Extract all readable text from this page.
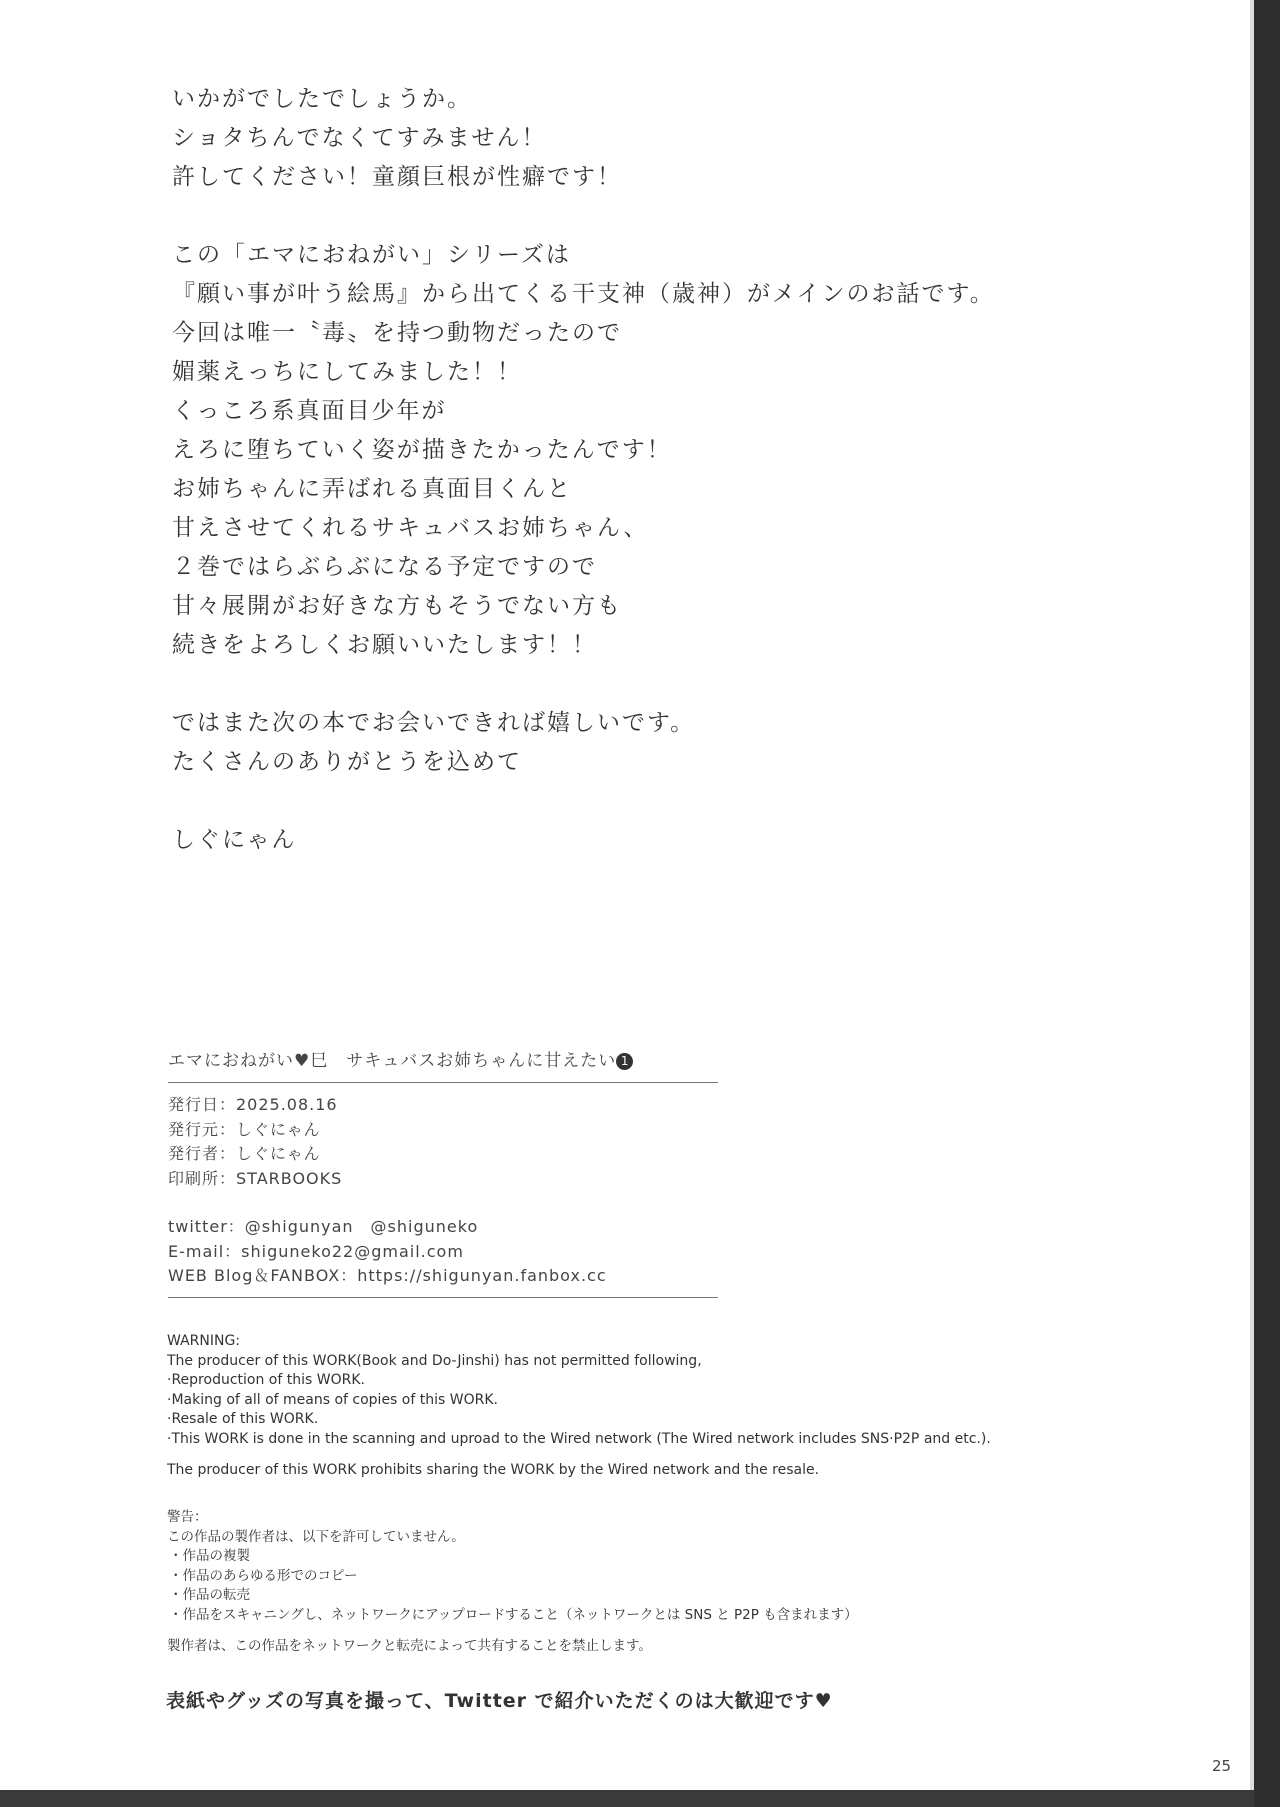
いかがでしたでしょうか。
ショタちんでなくてすみません！
許してください！童顔巨根が性癖です！
この「エマにおねがい」シリーズは
『願い事が叶う絵馬』から出てくる干支神（歳神）がメインのお話です。
今回は唯一〝毒〟を持つ動物だったので
媚薬えっちにしてみました！！
くっころ系真面目少年が
えろに堕ちていく姿が描きたかったんです！
お姉ちゃんに弄ばれる真面目くんと
甘えさせてくれるサキュバスお姉ちゃん、
２巻ではらぶらぶになる予定ですので
甘々展開がお好きな方もそうでない方も
続きをよろしくお願いいたします！！
ではまた次の本でお会いできれば嬉しいです。
たくさんのありがとうを込めて
しぐにゃん
エマにおねがい♥巳　サキュバスお姉ちゃんに甘えたい 1
発行日：2025.08.16
発行元：しぐにゃん
発行者：しぐにゃん
印刷所：STARBOOKS
twitter：@shigunyan　@shiguneko
E-mail：shiguneko22@gmail.com
WEB Blog＆FANBOX：https://shigunyan.fanbox.cc
WARNING:
The producer of this WORK(Book and Do-Jinshi) has not permitted following,
·Reproduction of this WORK.
·Making of all of means of copies of this WORK.
·Resale of this WORK.
·This WORK is done in the scanning and uproad to the Wired network (The Wired network includes SNS·P2P and etc.).
The producer of this WORK prohibits sharing the WORK by the Wired network and the resale.
警告：
この作品の製作者は、以下を許可していません。
・作品の複製
・作品のあらゆる形でのコピー
・作品の転売
・作品をスキャニングし、ネットワークにアップロードすること（ネットワークとは SNS と P2P も含まれます）
製作者は、この作品をネットワークと転売によって共有することを禁止します。
表紙やグッズの写真を撮って、Twitter で紹介いただくのは大歓迎です♥
25
